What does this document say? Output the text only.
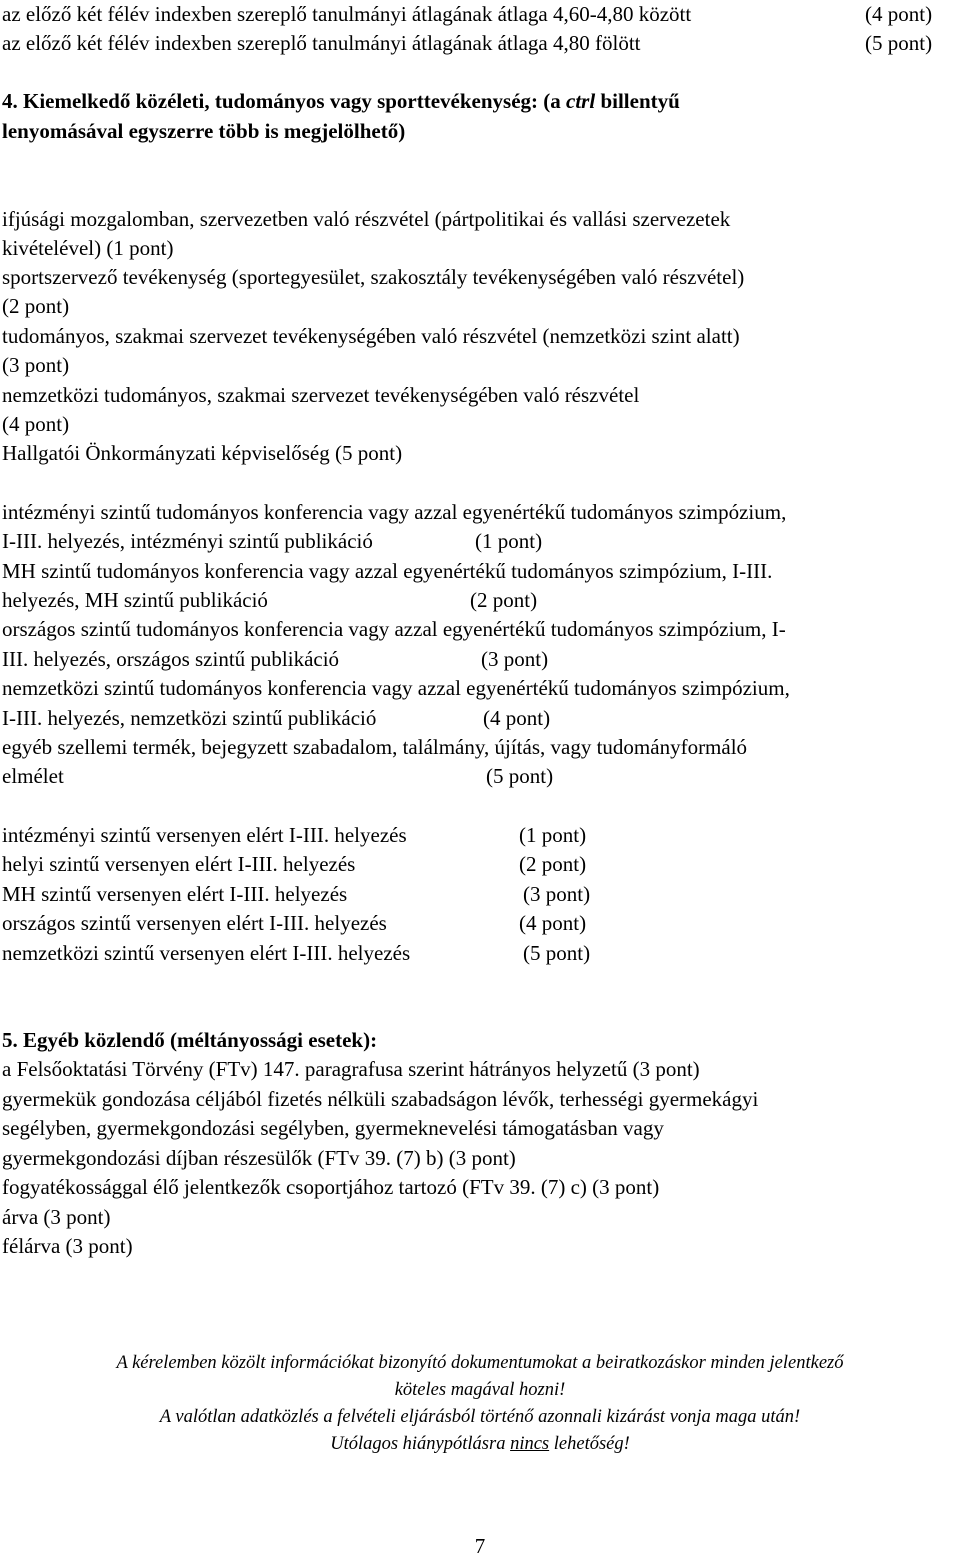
az előző két félév indexben szereplő tanulmányi átlagának átlaga 4,60-4,80 között	(4 pont)
az előző két félév indexben szereplő tanulmányi átlagának átlaga 4,80 fölött	(5 pont)
4. Kiemelkedő közéleti, tudományos vagy sporttevékenység: (a ctrl billentyű
lenyomásával egyszerre több is megjelölhető)
ifjúsági mozgalomban, szervezetben való részvétel (pártpolitikai és vallási szervezetek
kivételével) (1 pont)
sportszervező tevékenység (sportegyesület, szakosztály tevékenységében való részvétel)
(2 pont)
tudományos, szakmai szervezet tevékenységében való részvétel (nemzetközi szint alatt)
(3 pont)
nemzetközi tudományos, szakmai szervezet tevékenységében való részvétel
(4 pont)
Hallgatói Önkormányzati képviselőség (5 pont)
intézményi szintű tudományos konferencia vagy azzal egyenértékű tudományos szimpózium,
I-III. helyezés, intézményi szintű publikáció	(1 pont)
MH szintű tudományos konferencia vagy azzal egyenértékű tudományos szimpózium, I-III.
helyezés, MH szintű publikáció	(2 pont)
országos szintű tudományos konferencia vagy azzal egyenértékű tudományos szimpózium, I-
III. helyezés, országos szintű publikáció	(3 pont)
nemzetközi szintű tudományos konferencia vagy azzal egyenértékű tudományos szimpózium,
I-III. helyezés, nemzetközi szintű publikáció	(4 pont)
egyéb szellemi termék, bejegyzett szabadalom, találmány, újítás, vagy tudományformáló
elmélet	(5 pont)
intézményi szintű versenyen elért I-III. helyezés	(1 pont)
helyi szintű versenyen elért I-III. helyezés	(2 pont)
MH szintű versenyen elért I-III. helyezés	(3 pont)
országos szintű versenyen elért I-III. helyezés	(4 pont)
nemzetközi szintű versenyen elért I-III. helyezés	(5 pont)
5. Egyéb közlendő (méltányossági esetek):
a Felsőoktatási Törvény (FTv) 147. paragrafusa szerint hátrányos helyzetű (3 pont)
gyermekük gondozása céljából fizetés nélküli szabadságon lévők, terhességi gyermekágyi
segélyben, gyermekgondozási segélyben, gyermeknevelési támogatásban vagy
gyermekgondozási díjban részesülők (FTv 39. (7) b) (3 pont)
fogyatékossággal élő jelentkezők csoportjához tartozó (FTv 39. (7) c) (3 pont)
árva (3 pont)
félárva (3 pont)
A kérelemben közölt információkat bizonyító dokumentumokat a beiratkozáskor minden jelentkező
köteles magával hozni!
A valótlan adatközlés a felvételi eljárásból történő azonnali kizárást vonja maga után!
Utólagos hiánypótlásra nincs lehetőség!
7
